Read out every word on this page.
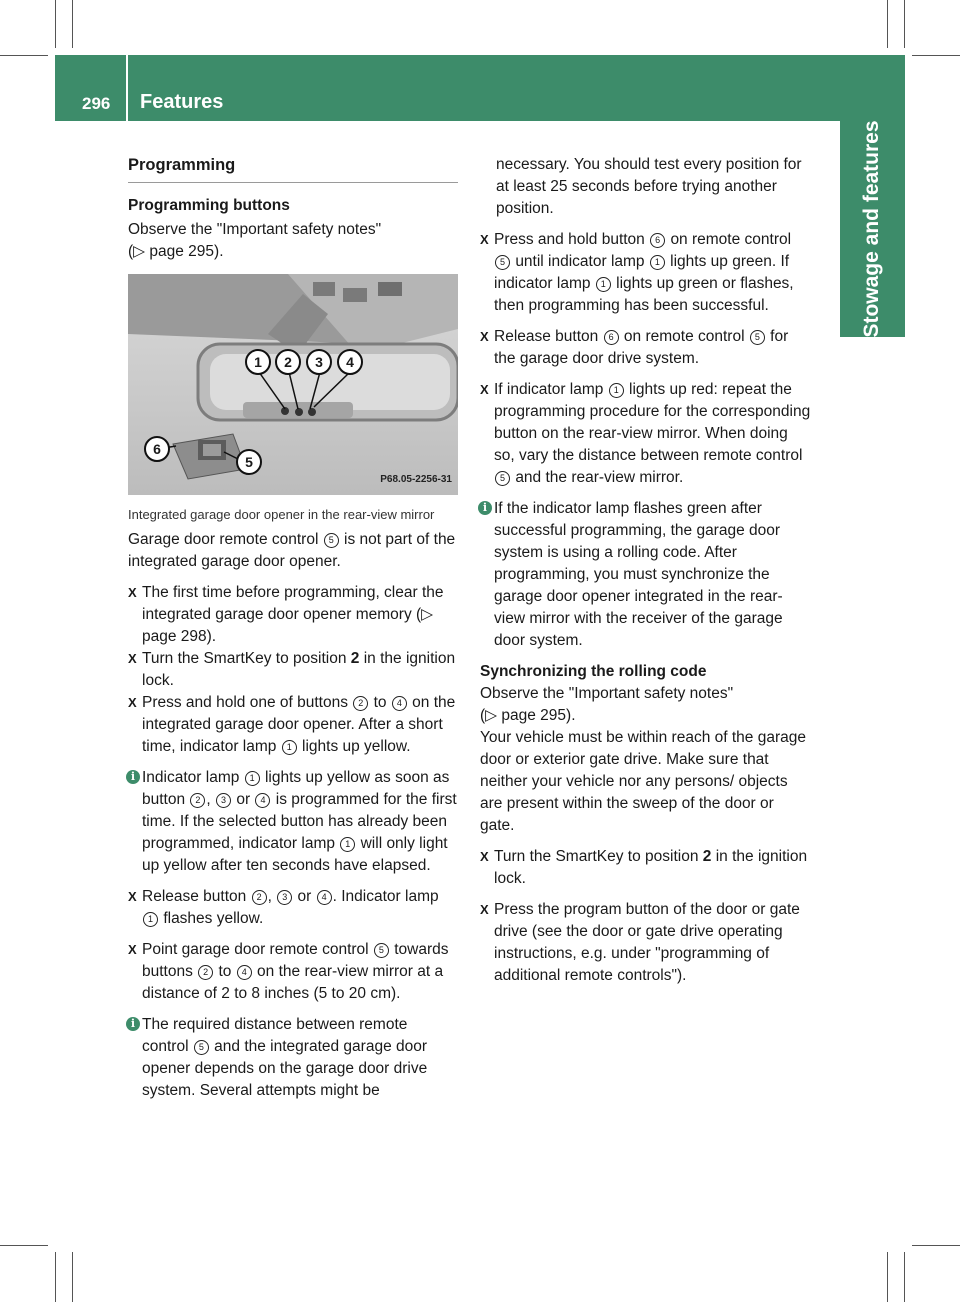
296 Features
Stowage and features

Programming

Programming buttons

Observe the "Important safety notes"

(▷ page 295).

1	2	3	4
5
6
P68.05-2256-31

Integrated garage door opener in the rear-view mirror

Garage door remote control 5 is not part of the integrated garage door opener.

X The first time before programming, clear the integrated garage door opener memory (▷ page 298).
X Turn the SmartKey to position 2 in the ignition lock.
X Press and hold one of buttons 2 to 4 on the integrated garage door opener. After a short time, indicator lamp 1 lights up yellow.
i Indicator lamp 1 lights up yellow as soon as button 2 , 3 or 4 is programmed for the first time. If the selected button has already been programmed, indicator lamp 1 will only light up yellow after ten seconds have elapsed.
X Release button 2 , 3 or 4 . Indicator lamp 1 flashes yellow.
X Point garage door remote control 5 towards buttons 2 to 4 on the rear-view mirror at a distance of 2 to 8 inches (5 to 20 cm).
i The required distance between remote control 5 and the integrated garage door opener depends on the garage door drive system. Several attempts might be

necessary. You should test every position for at least 25 seconds before trying another position.

X Press and hold button 6 on remote control 5 until indicator lamp 1 lights up green. If indicator lamp 1 lights up green or flashes, then programming has been successful.
X Release button 6 on remote control 5 for the garage door drive system.
X If indicator lamp 1 lights up red: repeat the programming procedure for the corresponding button on the rear-view mirror. When doing so, vary the distance between remote control 5 and the rear-view mirror.
i If the indicator lamp flashes green after successful programming, the garage door system is using a rolling code. After programming, you must synchronize the garage door opener integrated in the rear-view mirror with the receiver of the garage door system.

Synchronizing the rolling code

Observe the "Important safety notes"

(▷ page 295).

Your vehicle must be within reach of the garage door or exterior gate drive. Make sure that neither your vehicle nor any persons/ objects are present within the sweep of the door or gate.

X Turn the SmartKey to position 2 in the ignition lock.
X Press the program button of the door or gate drive (see the door or gate drive operating instructions, e.g. under "programming of additional remote controls").
